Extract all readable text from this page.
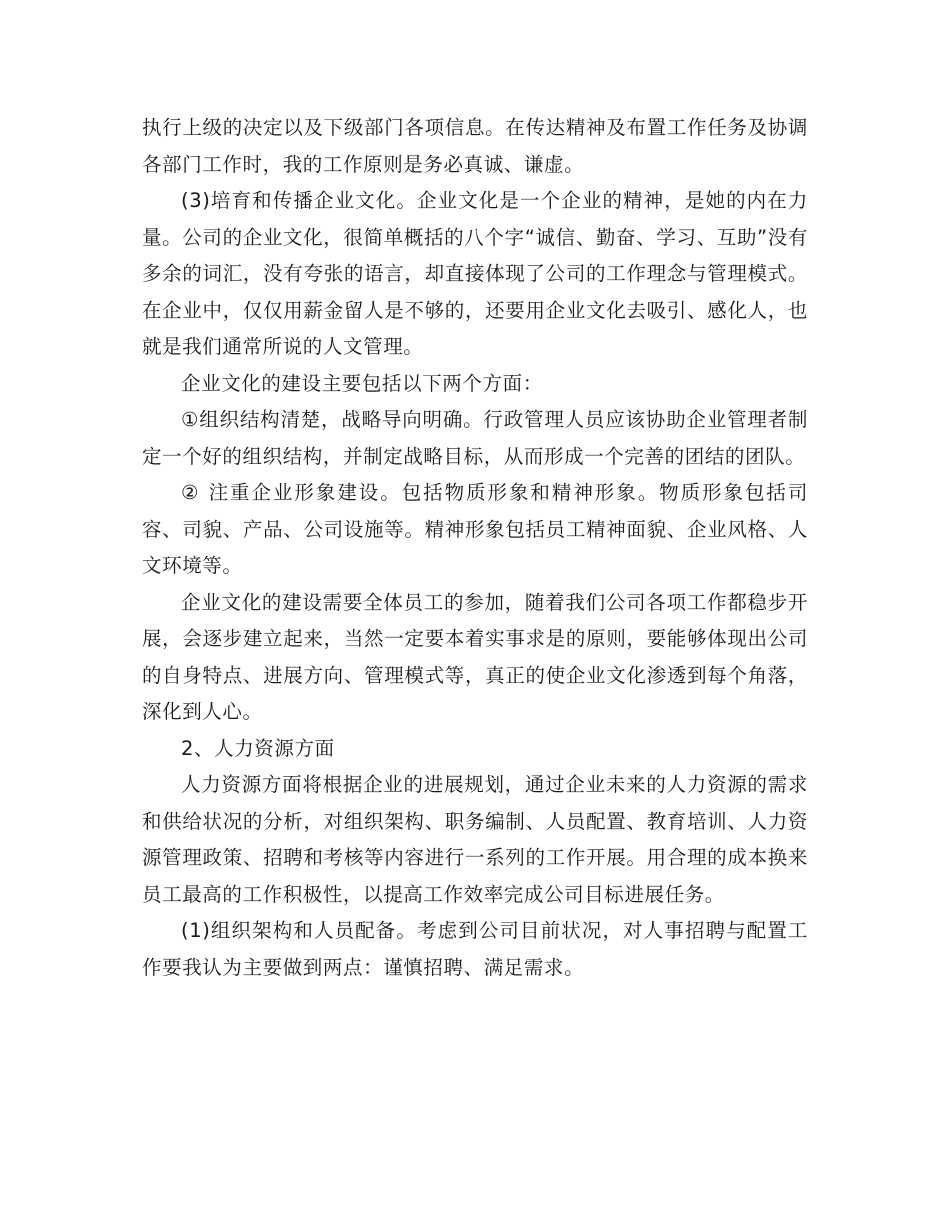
执行上级的决定以及下级部门各项信息。在传达精神及布置工作任务及协调各部门工作时，我的工作原则是务必真诚、谦虚。

(3)培育和传播企业文化。企业文化是一个企业的精神，是她的内在力量。公司的企业文化，很简单概括的八个字“诚信、勤奋、学习、互助”没有多余的词汇，没有夸张的语言，却直接体现了公司的工作理念与管理模式。在企业中，仅仅用薪金留人是不够的，还要用企业文化去吸引、感化人，也就是我们通常所说的人文管理。

企业文化的建设主要包括以下两个方面：

①组织结构清楚，战略导向明确。行政管理人员应该协助企业管理者制定一个好的组织结构，并制定战略目标，从而形成一个完善的团结的团队。

② 注重企业形象建设。包括物质形象和精神形象。物质形象包括司容、司貌、产品、公司设施等。精神形象包括员工精神面貌、企业风格、人文环境等。

企业文化的建设需要全体员工的参加，随着我们公司各项工作都稳步开展，会逐步建立起来，当然一定要本着实事求是的原则，要能够体现出公司的自身特点、进展方向、管理模式等，真正的使企业文化渗透到每个角落，深化到人心。

2、人力资源方面

人力资源方面将根据企业的进展规划，通过企业未来的人力资源的需求和供给状况的分析，对组织架构、职务编制、人员配置、教育培训、人力资源管理政策、招聘和考核等内容进行一系列的工作开展。用合理的成本换来员工最高的工作积极性，以提高工作效率完成公司目标进展任务。

(1)组织架构和人员配备。考虑到公司目前状况，对人事招聘与配置工作要我认为主要做到两点：谨慎招聘、满足需求。
